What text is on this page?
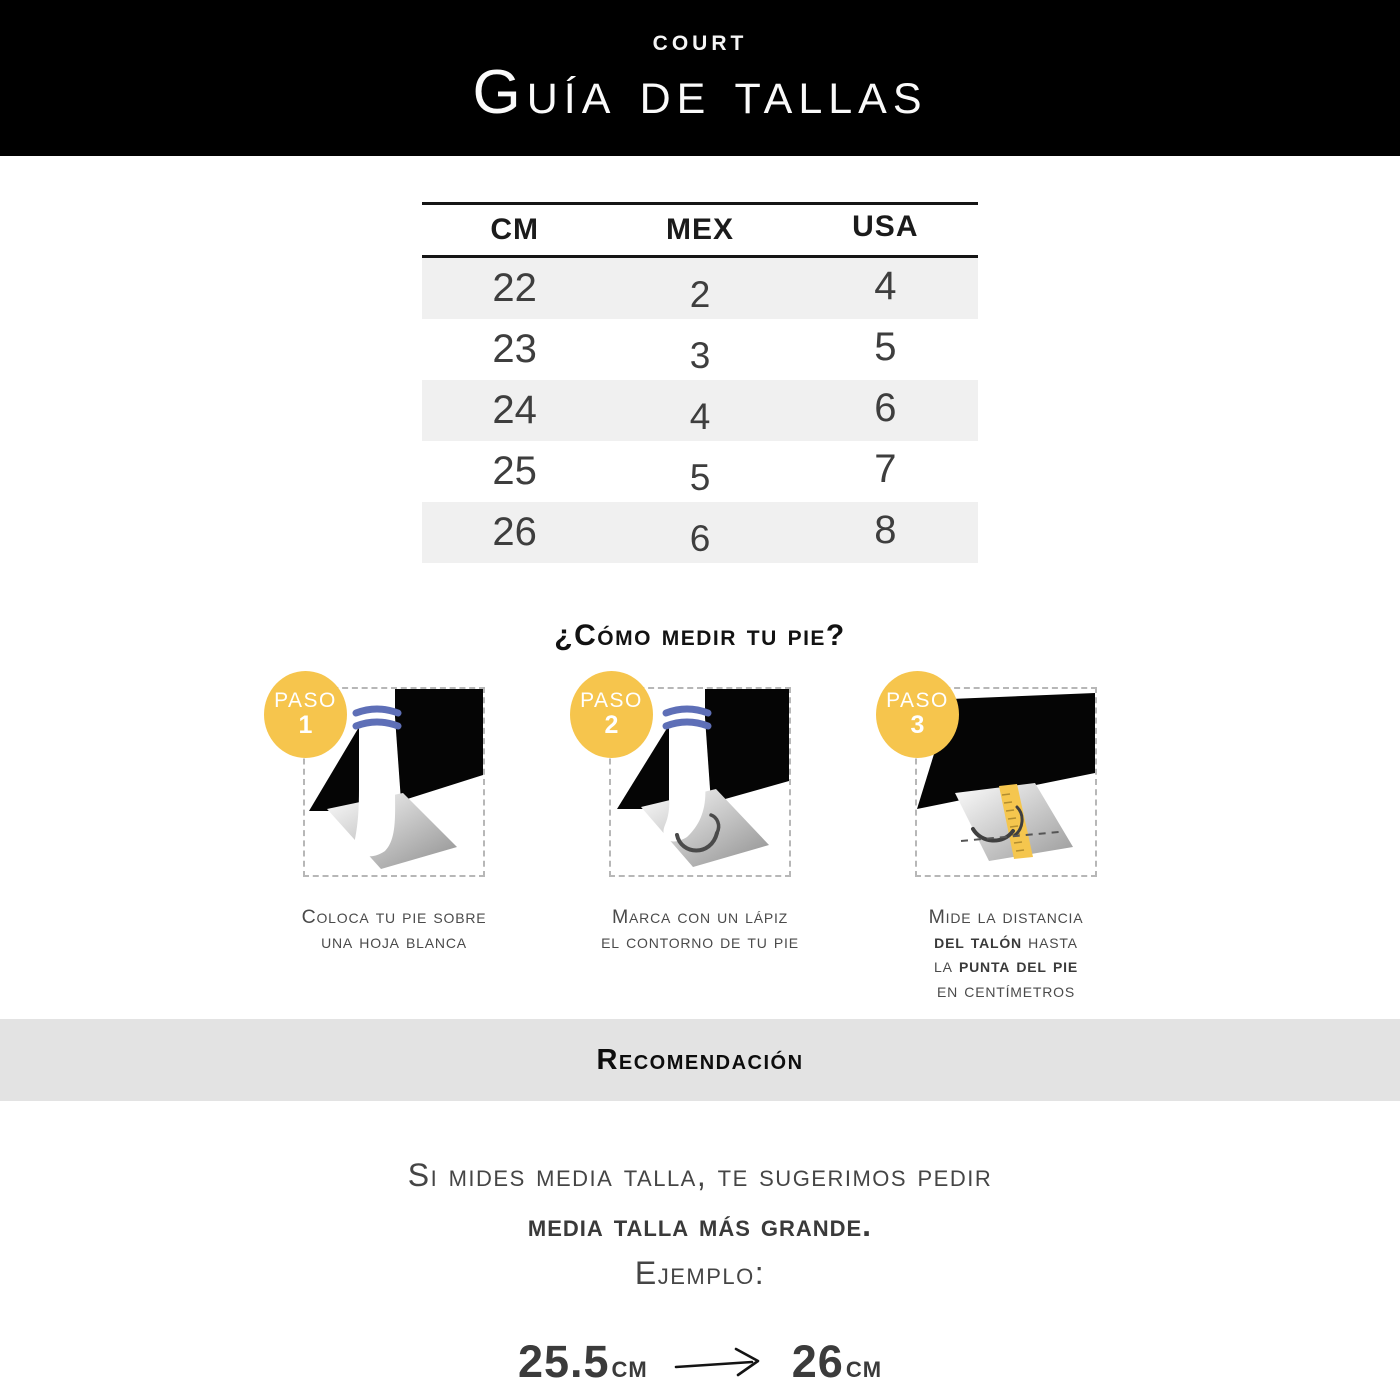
COURT
Guía de tallas
CM	MEX	USA
22	2	4
23	3	5
24	4	6
25	5	7
26	6	8
¿Cómo medir tu pie?
PASO
1
Coloca tu pie sobre
una hoja blanca
PASO
2
Marca con un lápiz
el contorno de tu pie
PASO
3
Mide la distancia
del talón hasta
la punta del pie
en centímetros
Recomendación
Si mides media talla, te sugerimos pedir
media talla más grande.
Ejemplo:
25.5 cm	26 cm
